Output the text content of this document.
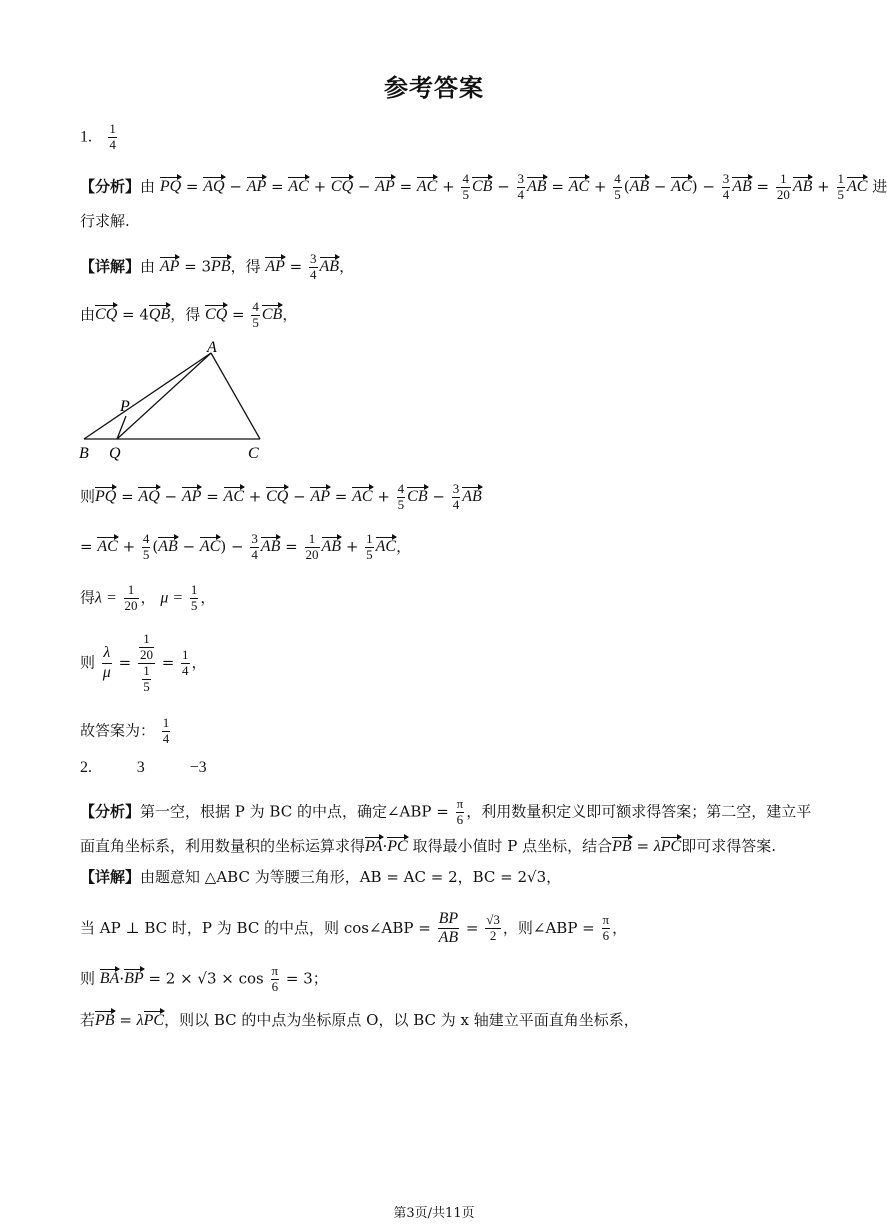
参考答案
1. $\frac{1}{4}$
【分析】由 PQ = AQ − AP = AC + CQ − AP = AC + $\frac{4}{5}$ CB − $\frac{3}{4}$ AB = AC + $\frac{4}{5} (AB - AC) - \frac{3}{4}$ AB = $\frac{1}{20}$ AB + $\frac{1}{5}$ AC 进
行求解.
【详解】由 AP = 3PB，得 AP = $\frac{3}{4}$ AB，
由CQ = 4QB，得 CQ = $\frac{4}{5}$ CB，
A
P
B Q	C
则PQ = AQ − AP = AC + CQ − AP = AC + $\frac{4}{5}$ CB − $\frac{3}{4}$ AB
= AC + $\frac{4}{5} (AB - AC) - \frac{3}{4}$ AB = $\frac{1}{20}$ AB + $\frac{1}{5}$ AC，
得$\lambda = \frac{1}{20}$ ， $\mu = \frac{1}{5}$ ，
则 $\frac{\lambda}{\mu} = \frac{\frac{1}{20}}{\frac{1}{5}} = \frac{1}{4}$ ，
故答案为： $\frac{1}{4}$
2.	3	−3
【分析】第一空，根据 P 为 BC 的中点，确定∠ABP = $\frac{\pi}{6}$ ，利用数量积定义即可额求得答案；第二空，建立平
面直角坐标系，利用数量积的坐标运算求得PA·PC 取得最小值时 P 点坐标，结合PB = λPC即可求得答案.
【详解】由题意知 △ABC 为等腰三角形，AB = AC = 2，BC = 2√3，
当 AP ⊥ BC 时，P 为 BC 的中点，则 cos∠ABP = $\frac{BP}{AB} = \frac{√3}{2}$ ，则∠ABP = $\frac{\pi}{6}$ ，
则 $BA\cdot BP = 2 \times √3 \times \cos \frac{\pi}{6} = 3$；
若PB = λPC，则以 BC 的中点为坐标原点 O，以 BC 为 x 轴建立平面直角坐标系，
第3页/共11页
